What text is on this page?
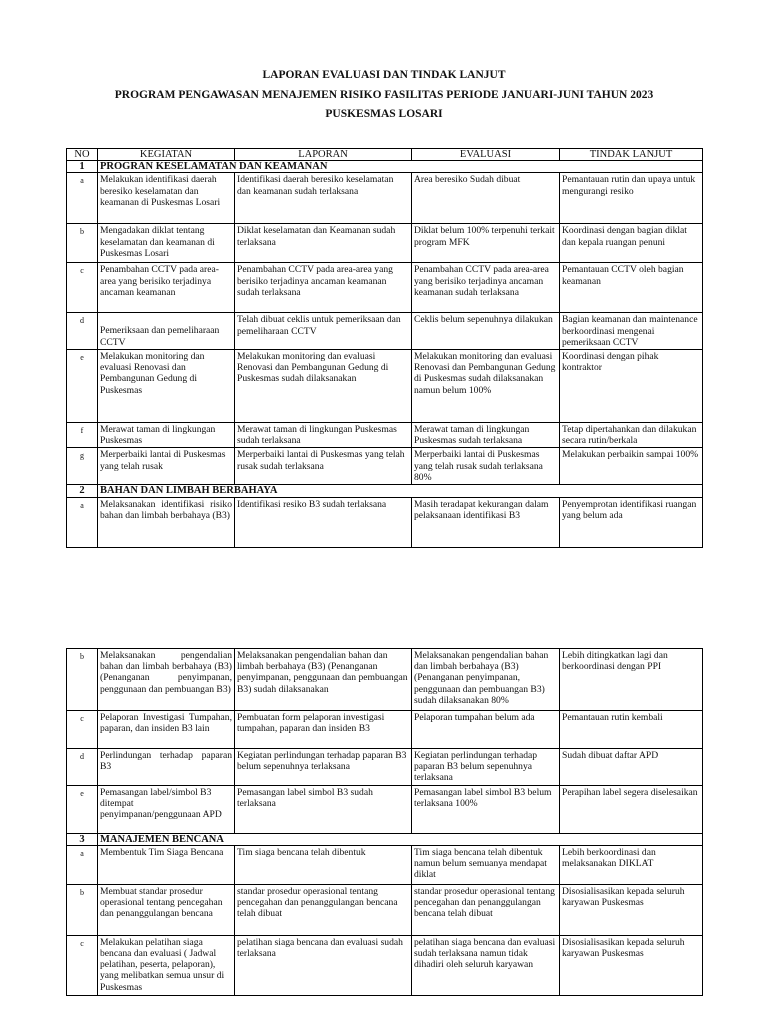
LAPORAN EVALUASI DAN TINDAK LANJUT
PROGRAM PENGAWASAN MENAJEMEN RISIKO FASILITAS PERIODE JANUARI-JUNI TAHUN 2023
PUSKESMAS LOSARI
NO	KEGIATAN	LAPORAN	EVALUASI	TINDAK LANJUT
1	PROGRAN KESELAMATAN DAN KEAMANAN			
a	Melakukan identifikasi daerah beresiko keselamatan dan keamanan di Puskesmas Losari	Identifikasi daerah beresiko keselamatan dan keamanan sudah terlaksana	Area beresiko Sudah dibuat	Pemantauan rutin dan upaya untuk mengurangi resiko
b	Mengadakan diklat tentang keselamatan dan keamanan di Puskesmas Losari	Diklat keselamatan dan Keamanan sudah terlaksana	Diklat belum 100% terpenuhi terkait program MFK	Koordinasi dengan bagian diklat dan kepala ruangan penuni
c	Penambahan CCTV pada area-area yang berisiko terjadinya ancaman keamanan	Penambahan CCTV pada area-area yang berisiko terjadinya ancaman keamanan sudah terlaksana	Penambahan CCTV pada area-area yang berisiko terjadinya ancaman keamanan sudah terlaksana	Pemantauan CCTV oleh bagian keamanan
d	Pemeriksaan dan pemeliharaan CCTV	Telah dibuat ceklis untuk pemeriksaan dan pemeliharaan CCTV	Ceklis belum sepenuhnya dilakukan	Bagian keamanan dan maintenance berkoordinasi mengenai pemeriksaan CCTV
e	Melakukan monitoring dan evaluasi Renovasi dan Pembangunan Gedung di Puskesmas	Melakukan monitoring dan evaluasi Renovasi dan Pembangunan Gedung di Puskesmas sudah dilaksanakan	Melakukan monitoring dan evaluasi Renovasi dan Pembangunan Gedung di Puskesmas sudah dilaksanakan namun belum 100%	Koordinasi dengan pihak kontraktor
f	Merawat taman di lingkungan Puskesmas	Merawat taman di lingkungan Puskesmas sudah terlaksana	Merawat taman di lingkungan Puskesmas sudah terlaksana	Tetap dipertahankan dan dilakukan secara rutin/berkala
g	Merperbaiki lantai di Puskesmas yang telah rusak	Merperbaiki lantai di Puskesmas yang telah rusak sudah terlaksana	Merperbaiki lantai di Puskesmas yang telah rusak sudah terlaksana 80%	Melakukan perbaikin sampai 100%
2	BAHAN DAN LIMBAH BERBAHAYA			
a	Melaksanakan identifikasi risiko bahan dan limbah berbahaya (B3)	Identifikasi resiko B3 sudah terlaksana	Masih teradapat kekurangan dalam pelaksanaan identifikasi B3	Penyemprotan identifikasi ruangan yang belum ada
b	Melaksanakan pengendalian bahan dan limbah berbahaya (B3) (Penanganan penyimpanan, penggunaan dan pembuangan B3)	Melaksanakan pengendalian bahan dan limbah berbahaya (B3) (Penanganan penyimpanan, penggunaan dan pembuangan B3) sudah dilaksanakan	Melaksanakan pengendalian bahan dan limbah berbahaya (B3) (Penanganan penyimpanan, penggunaan dan pembuangan B3) sudah dilaksanakan 80%	Lebih ditingkatkan lagi dan berkoordinasi dengan PPI
c	Pelaporan Investigasi Tumpahan, paparan, dan insiden B3 lain	Pembuatan form pelaporan investigasi tumpahan, paparan dan insiden B3	Pelaporan tumpahan belum ada	Pemantauan rutin kembali
d	Perlindungan terhadap paparan B3	Kegiatan perlindungan terhadap paparan B3 belum sepenuhnya terlaksana	Kegiatan perlindungan terhadap paparan B3 belum sepenuhnya terlaksana	Sudah dibuat daftar APD
e	Pemasangan label/simbol B3 ditempat penyimpanan/penggunaan APD	Pemasangan label simbol B3 sudah terlaksana	Pemasangan label simbol B3 belum terlaksana 100%	Perapihan label segera diselesaikan
3	MANAJEMEN BENCANA			
a	Membentuk Tim Siaga Bencana	Tim siaga bencana telah dibentuk	Tim siaga bencana telah dibentuk namun belum semuanya mendapat diklat	Lebih berkoordinasi dan melaksanakan DIKLAT
b	Membuat standar prosedur operasional tentang pencegahan dan penanggulangan bencana	standar prosedur operasional tentang pencegahan dan penanggulangan bencana telah dibuat	standar prosedur operasional tentang pencegahan dan penanggulangan bencana telah dibuat	Disosialisasikan kepada seluruh karyawan Puskesmas
c	Melakukan pelatihan siaga bencana dan evaluasi ( Jadwal pelatihan, peserta, pelaporan), yang melibatkan semua unsur di Puskesmas	pelatihan siaga bencana dan evaluasi sudah terlaksana	pelatihan siaga bencana dan evaluasi sudah terlaksana namun tidak dihadiri oleh seluruh karyawan	Disosialisasikan kepada seluruh karyawan Puskesmas
